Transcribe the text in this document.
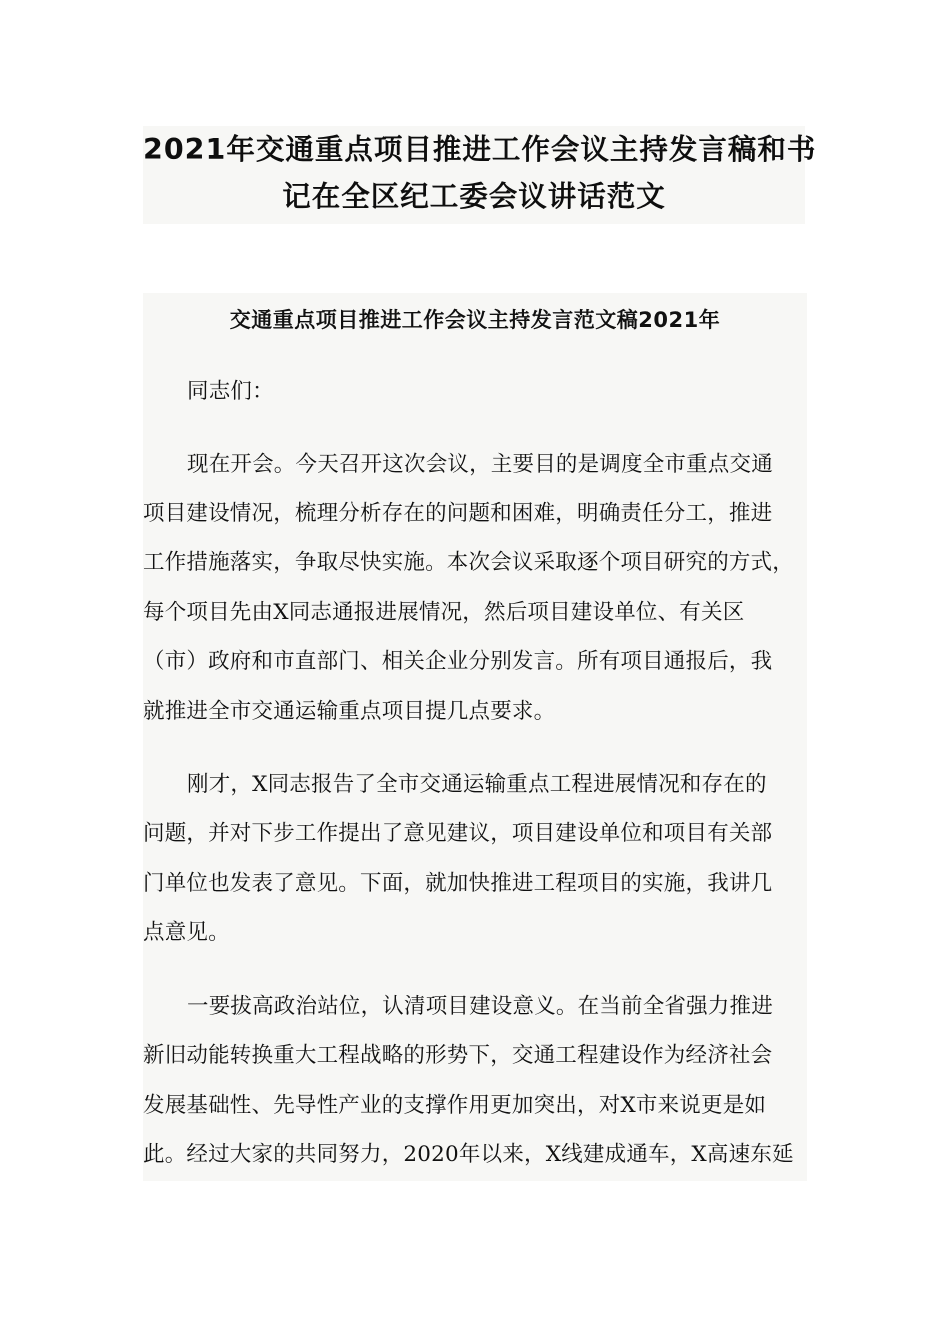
2021年交通重点项目推进工作会议主持发言稿和书
记在全区纪工委会议讲话范文
交通重点项目推进工作会议主持发言范文稿2021年
同志们：
现在开会。今天召开这次会议，主要目的是调度全市重点交通
项目建设情况，梳理分析存在的问题和困难，明确责任分工，推进
工作措施落实，争取尽快实施。本次会议采取逐个项目研究的方式，
每个项目先由X同志通报进展情况，然后项目建设单位、有关区
（市）政府和市直部门、相关企业分别发言。所有项目通报后，我
就推进全市交通运输重点项目提几点要求。
刚才，X同志报告了全市交通运输重点工程进展情况和存在的
问题，并对下步工作提出了意见建议，项目建设单位和项目有关部
门单位也发表了意见。下面，就加快推进工程项目的实施，我讲几
点意见。
一要拔高政治站位，认清项目建设意义。在当前全省强力推进
新旧动能转换重大工程战略的形势下，交通工程建设作为经济社会
发展基础性、先导性产业的支撑作用更加突出，对X市来说更是如
此。经过大家的共同努力，2020年以来，X线建成通车，X高速东延
